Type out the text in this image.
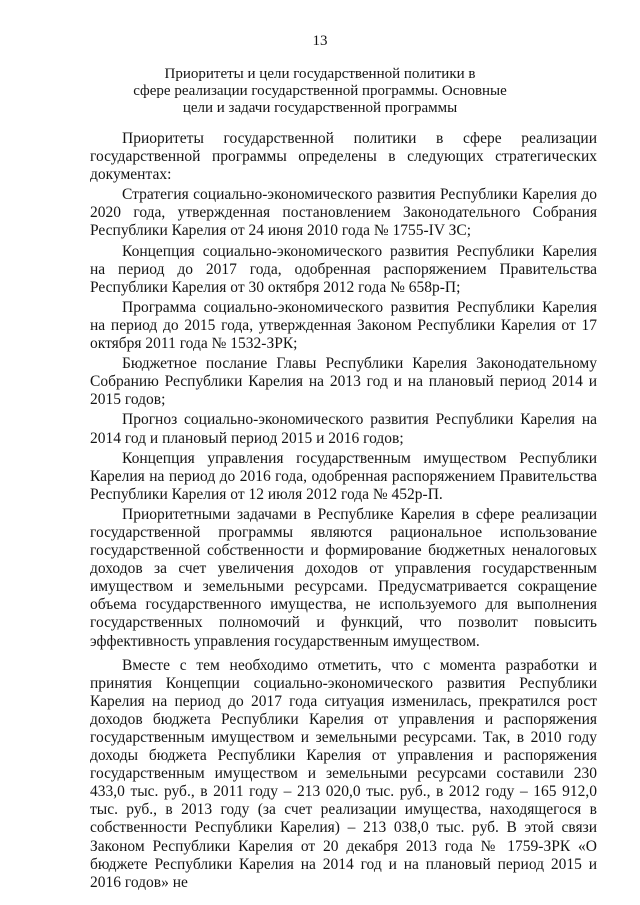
13
Приоритеты и цели государственной политики в
сфере реализации государственной программы. Основные
цели и задачи государственной программы

Приоритеты государственной политики в сфере реализации государственной программы определены в следующих стратегических документах:

Стратегия социально-экономического развития Республики Карелия до 2020 года, утвержденная постановлением Законодательного Собрания Республики Карелия от 24 июня 2010 года № 1755-IV ЗС;

Концепция социально-экономического развития Республики Карелия на период до 2017 года, одобренная распоряжением Правительства Республики Карелия от 30 октября 2012 года № 658р-П;

Программа социально-экономического развития Республики Карелия на период до 2015 года, утвержденная Законом Республики Карелия от 17 октября 2011 года № 1532-ЗРК;

Бюджетное послание Главы Республики Карелия Законодательному Собранию Республики Карелия на 2013 год и на плановый период 2014 и 2015 годов;

Прогноз социально-экономического развития Республики Карелия на 2014 год и плановый период 2015 и 2016 годов;

Концепция управления государственным имуществом Республики Карелия на период до 2016 года, одобренная распоряжением Правительства Республики Карелия от 12 июля 2012 года № 452р-П.

Приоритетными задачами в Республике Карелия в сфере реализации государственной программы являются рациональное использование государственной собственности и формирование бюджетных неналоговых доходов за счет увеличения доходов от управления государственным имуществом и земельными ресурсами. Предусматривается сокращение объема государственного имущества, не используемого для выполнения государственных полномочий и функций, что позволит повысить эффективность управления государственным имуществом.

Вместе с тем необходимо отметить, что с момента разработки и принятия Концепции социально-экономического развития Республики Карелия на период до 2017 года ситуация изменилась, прекратился рост доходов бюджета Республики Карелия от управления и распоряжения государственным имуществом и земельными ресурсами. Так, в 2010 году доходы бюджета Республики Карелия от управления и распоряжения государственным имуществом и земельными ресурсами составили 230 433,0 тыс. руб., в 2011 году – 213 020,0 тыс. руб., в 2012 году – 165 912,0 тыс. руб., в 2013 году (за счет реализации имущества, находящегося в собственности Республики Карелия) – 213 038,0 тыс. руб. В этой связи Законом Республики Карелия от 20 декабря 2013 года № 1759-ЗРК «О бюджете Республики Карелия на 2014 год и на плановый период 2015 и 2016 годов» не
